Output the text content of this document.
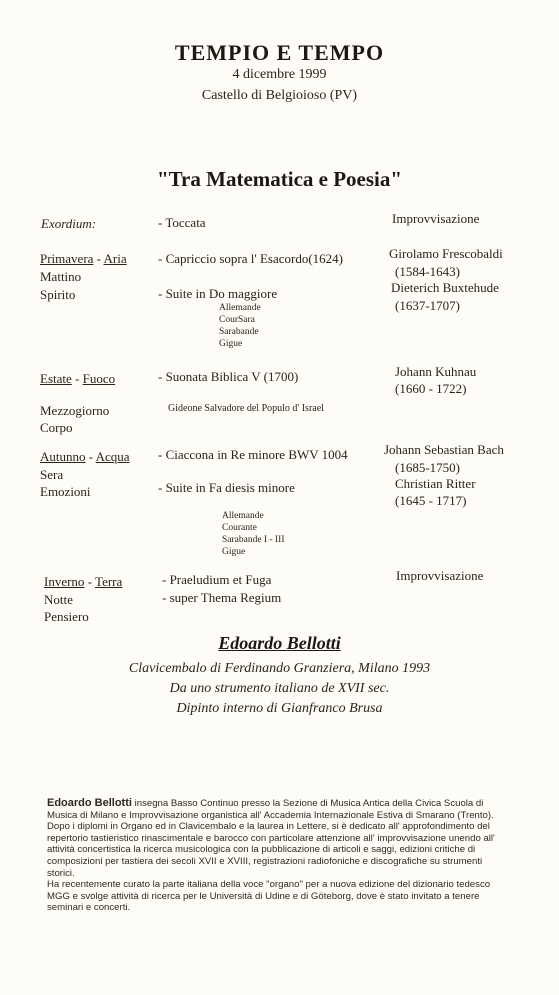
TEMPIO E TEMPO
4 dicembre 1999
Castello di Belgioioso (PV)
"Tra Matematica e Poesia"
Exordium:	- Toccata	Improvvisazione
Primavera - Aria
Mattino
Spirito
- Capriccio sopra l' Esacordo(1624)
- Suite in Do maggiore
Allemande
CourSara
Sarabande
Gigue
Girolamo Frescobaldi
(1584-1643)
Dieterich Buxtehude
(1637-1707)
Estate - Fuoco
Mezzogiorno
Corpo
- Suonata Biblica V (1700)
Gideone Salvadore del Populo d' Israel
Johann Kuhnau
(1660 - 1722)
Autunno - Acqua
Sera
Emozioni
- Ciaccona in Re minore BWV 1004
- Suite in Fa diesis minore
Allemande
Courante
Sarabande I - III
Gigue
Johann Sebastian Bach
(1685-1750)
Christian Ritter
(1645 - 1717)
Inverno - Terra
Notte
Pensiero
- Praeludium et Fuga
- super Thema Regium
Improvvisazione
Edoardo Bellotti
Clavicembalo di Ferdinando Granziera, Milano 1993
Da uno strumento italiano de XVII sec.
Dipinto interno di Gianfranco Brusa
Edoardo Bellotti insegna Basso Continuo presso la Sezione di Musica Antica della Civica Scuola di Musica di Milano e Improvvisazione organistica all' Accademia Internazionale Estiva di Smarano (Trento).
Dopo i diplomi in Organo ed in Clavicembalo e la laurea in Lettere, si è dedicato all' approfondimento del repertorio tastieristico rinascimentale e barocco con particolare attenzione all' improvvisazione unendo all' attività concertistica la ricerca musicologica con la pubblicazione di articoli e saggi, edizioni critiche di composizioni per tastiera dei secoli XVII e XVIII, registrazioni radiofoniche e discografiche su strumenti storici.
Ha recentemente curato la parte italiana della voce "organo" per a nuova edizione del dizionario tedesco MGG e svolge attività di ricerca per le Università di Udine e di Göteborg, dove è stato invitato a tenere seminari e concerti.
